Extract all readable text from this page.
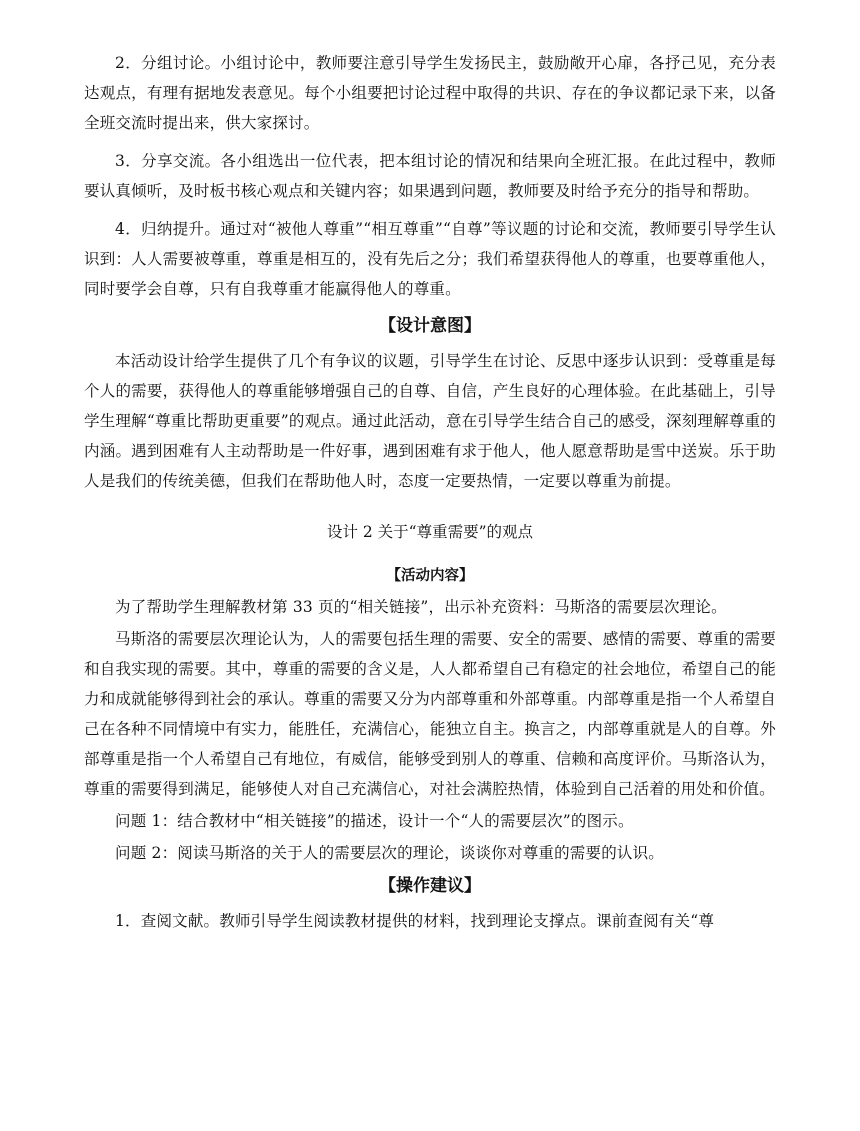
2．分组讨论。小组讨论中，教师要注意引导学生发扬民主，鼓励敞开心扉，各抒己见，充分表达观点，有理有据地发表意见。每个小组要把讨论过程中取得的共识、存在的争议都记录下来，以备全班交流时提出来，供大家探讨。

3．分享交流。各小组选出一位代表，把本组讨论的情况和结果向全班汇报。在此过程中，教师要认真倾听，及时板书核心观点和关键内容；如果遇到问题，教师要及时给予充分的指导和帮助。

4．归纳提升。通过对“被他人尊重”“相互尊重”“自尊”等议题的讨论和交流，教师要引导学生认识到：人人需要被尊重，尊重是相互的，没有先后之分；我们希望获得他人的尊重，也要尊重他人，同时要学会自尊，只有自我尊重才能赢得他人的尊重。

【设计意图】

本活动设计给学生提供了几个有争议的议题，引导学生在讨论、反思中逐步认识到：受尊重是每个人的需要，获得他人的尊重能够增强自己的自尊、自信，产生良好的心理体验。在此基础上，引导学生理解“尊重比帮助更重要”的观点。通过此活动，意在引导学生结合自己的感受，深刻理解尊重的内涵。遇到困难有人主动帮助是一件好事，遇到困难有求于他人，他人愿意帮助是雪中送炭。乐于助人是我们的传统美德，但我们在帮助他人时，态度一定要热情，一定要以尊重为前提。

设计 2 关于“尊重需要”的观点
【活动内容】

为了帮助学生理解教材第 33 页的“相关链接”，出示补充资料：马斯洛的需要层次理论。

马斯洛的需要层次理论认为，人的需要包括生理的需要、安全的需要、感情的需要、尊重的需要和自我实现的需要。其中，尊重的需要的含义是，人人都希望自己有稳定的社会地位，希望自己的能力和成就能够得到社会的承认。尊重的需要又分为内部尊重和外部尊重。内部尊重是指一个人希望自己在各种不同情境中有实力，能胜任，充满信心，能独立自主。换言之，内部尊重就是人的自尊。外部尊重是指一个人希望自己有地位，有威信，能够受到别人的尊重、信赖和高度评价。马斯洛认为，尊重的需要得到满足，能够使人对自己充满信心，对社会满腔热情，体验到自己活着的用处和价值。

问题 1：结合教材中“相关链接”的描述，设计一个“人的需要层次”的图示。

问题 2：阅读马斯洛的关于人的需要层次的理论，谈谈你对尊重的需要的认识。

【操作建议】

1．查阅文献。教师引导学生阅读教材提供的材料，找到理论支撑点。课前查阅有关“尊
